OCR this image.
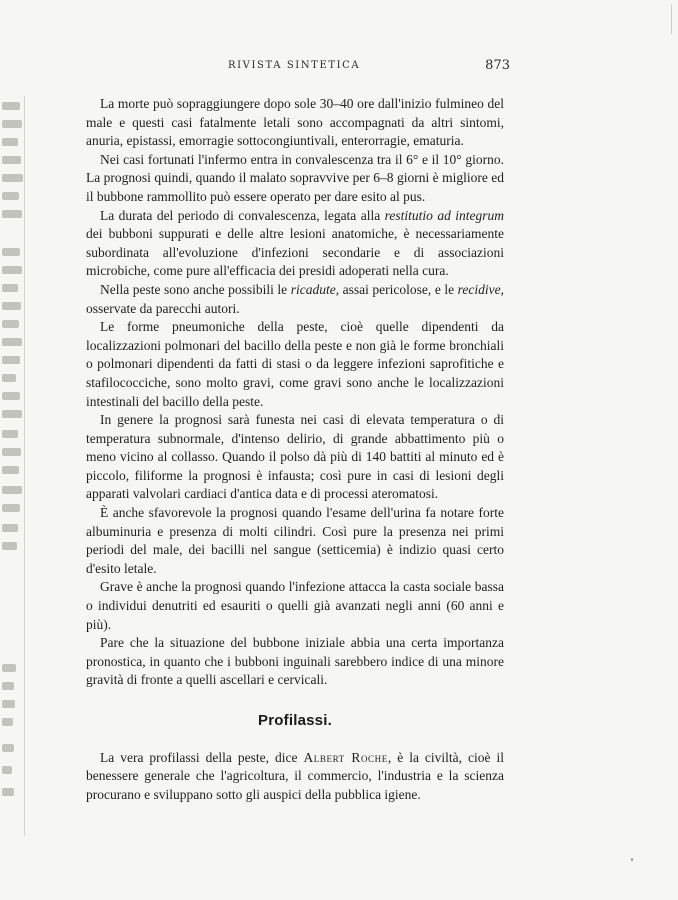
RIVISTA SINTETICA	873

La morte può sopraggiungere dopo sole 30–40 ore dall'inizio fulmineo del male e questi casi fatalmente letali sono accompagnati da altri sintomi, anuria, epistassi, emorragie sottocongiuntivali, enterorragie, ematuria.

Nei casi fortunati l'infermo entra in convalescenza tra il 6° e il 10° giorno. La prognosi quindi, quando il malato sopravvive per 6–8 giorni è migliore ed il bubbone rammollito può essere operato per dare esito al pus.

La durata del periodo di convalescenza, legata alla restitutio ad integrum dei bubboni suppurati e delle altre lesioni anatomiche, è necessariamente subordinata all'evoluzione d'infezioni secondarie e di associazioni microbiche, come pure all'efficacia dei presidi adoperati nella cura.

Nella peste sono anche possibili le ricadute, assai pericolose, e le recidive, osservate da parecchi autori.

Le forme pneumoniche della peste, cioè quelle dipendenti da localizzazioni polmonari del bacillo della peste e non già le forme bronchiali o polmonari dipendenti da fatti di stasi o da leggere infezioni saprofitiche e stafilococciche, sono molto gravi, come gravi sono anche le localizzazioni intestinali del bacillo della peste.

In genere la prognosi sarà funesta nei casi di elevata temperatura o di temperatura subnormale, d'intenso delirio, di grande abbattimento più o meno vicino al collasso. Quando il polso dà più di 140 battiti al minuto ed è piccolo, filiforme la prognosi è infausta; così pure in casi di lesioni degli apparati valvolari cardiaci d'antica data e di processi ateromatosi.

È anche sfavorevole la prognosi quando l'esame dell'urina fa notare forte albuminuria e presenza di molti cilindri. Così pure la presenza nei primi periodi del male, dei bacilli nel sangue (setticemia) è indizio quasi certo d'esito letale.

Grave è anche la prognosi quando l'infezione attacca la casta sociale bassa o individui denutriti ed esauriti o quelli già avanzati negli anni (60 anni e più).

Pare che la situazione del bubbone iniziale abbia una certa importanza pronostica, in quanto che i bubboni inguinali sarebbero indice di una minore gravità di fronte a quelli ascellari e cervicali.

Profilassi.

La vera profilassi della peste, dice Albert Roche, è la civiltà, cioè il benessere generale che l'agricoltura, il commercio, l'industria e la scienza procurano e sviluppano sotto gli auspici della pubblica igiene.
